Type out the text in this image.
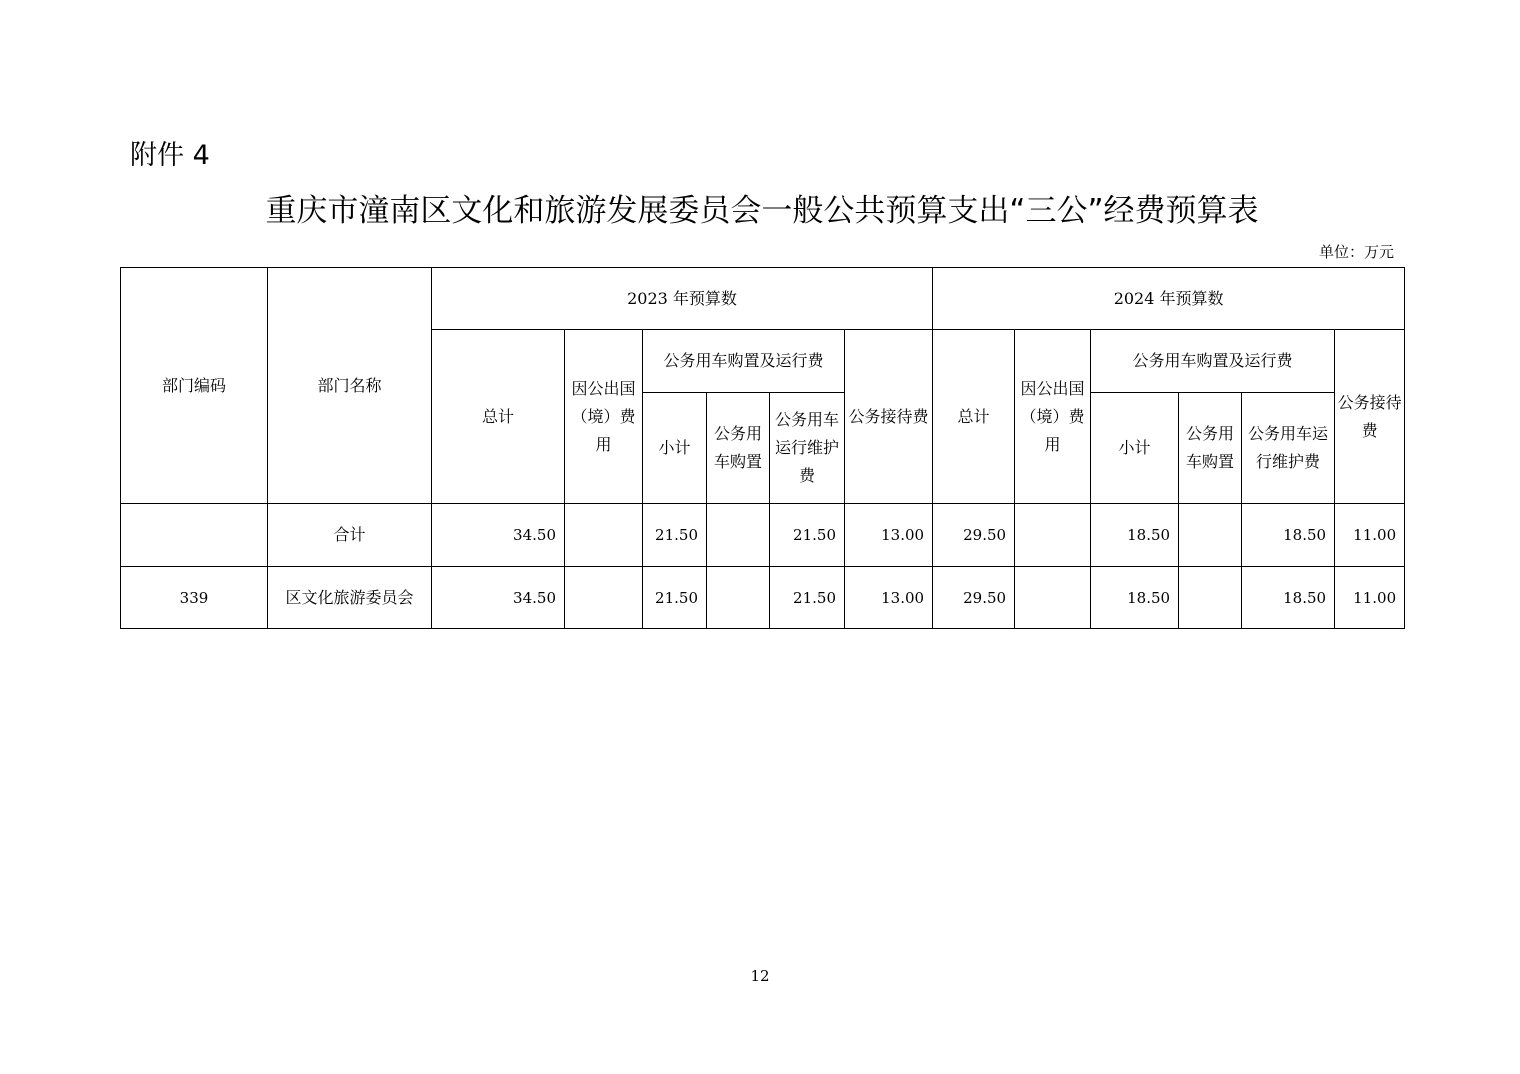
附件 4
重庆市潼南区文化和旅游发展委员会一般公共预算支出“三公”经费预算表
单位：万元
部门编码	部门名称	2023 年预算数						2024 年预算数					
		总计	因公出国（境）费用	公务用车购置及运行费			公务接待费	总计	因公出国（境）费用	公务用车购置及运行费			公务接待费
				小计	公务用车购置	公务用车运行维护费				小计	公务用车购置	公务用车运行维护费	
	合计	34.50		21.50		21.50	13.00	29.50		18.50		18.50	11.00
339	区文化旅游委员会	34.50		21.50		21.50	13.00	29.50		18.50		18.50	11.00
12
